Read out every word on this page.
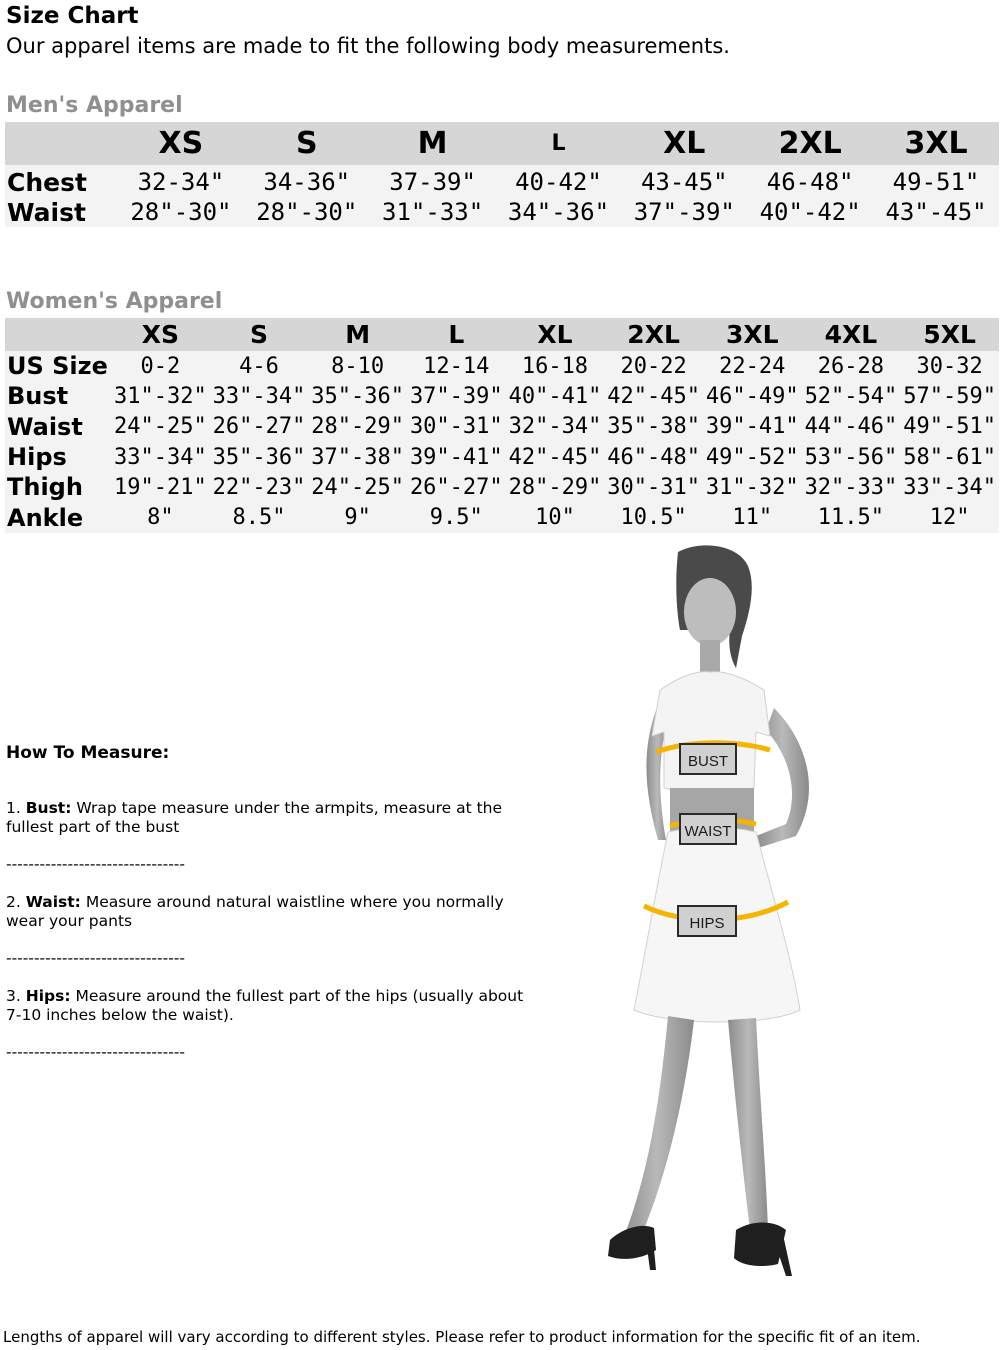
Size Chart
Our apparel items are made to fit the following body measurements.
Men's Apparel
	XS	S	M	L	XL	2XL	3XL
Chest	32-34"	34-36"	37-39"	40-42"	43-45"	46-48"	49-51"
Waist	28"-30"	28"-30"	31"-33"	34"-36"	37"-39"	40"-42"	43"-45"
Women's Apparel
	XS	S	M	L	XL	2XL	3XL	4XL	5XL
US Size	0-2	4-6	8-10	12-14	16-18	20-22	22-24	26-28	30-32
Bust	31"-32"	33"-34"	35"-36"	37"-39"	40"-41"	42"-45"	46"-49"	52"-54"	57"-59"
Waist	24"-25"	26"-27"	28"-29"	30"-31"	32"-34"	35"-38"	39"-41"	44"-46"	49"-51"
Hips	33"-34"	35"-36"	37"-38"	39"-41"	42"-45"	46"-48"	49"-52"	53"-56"	58"-61"
Thigh	19"-21"	22"-23"	24"-25"	26"-27"	28"-29"	30"-31"	31"-32"	32"-33"	33"-34"
Ankle	8"	8.5"	9"	9.5"	10"	10.5"	11"	11.5"	12"

How To Measure:

1. Bust: Wrap tape measure under the armpits, measure at the fullest part of the bust

--------------------------------

2. Waist: Measure around natural waistline where you normally wear your pants

--------------------------------

3. Hips: Measure around the fullest part of the hips (usually about 7-10 inches below the waist).

--------------------------------

BUST
WAIST
HIPS
Lengths of apparel will vary according to different styles. Please refer to product information for the specific fit of an item.
